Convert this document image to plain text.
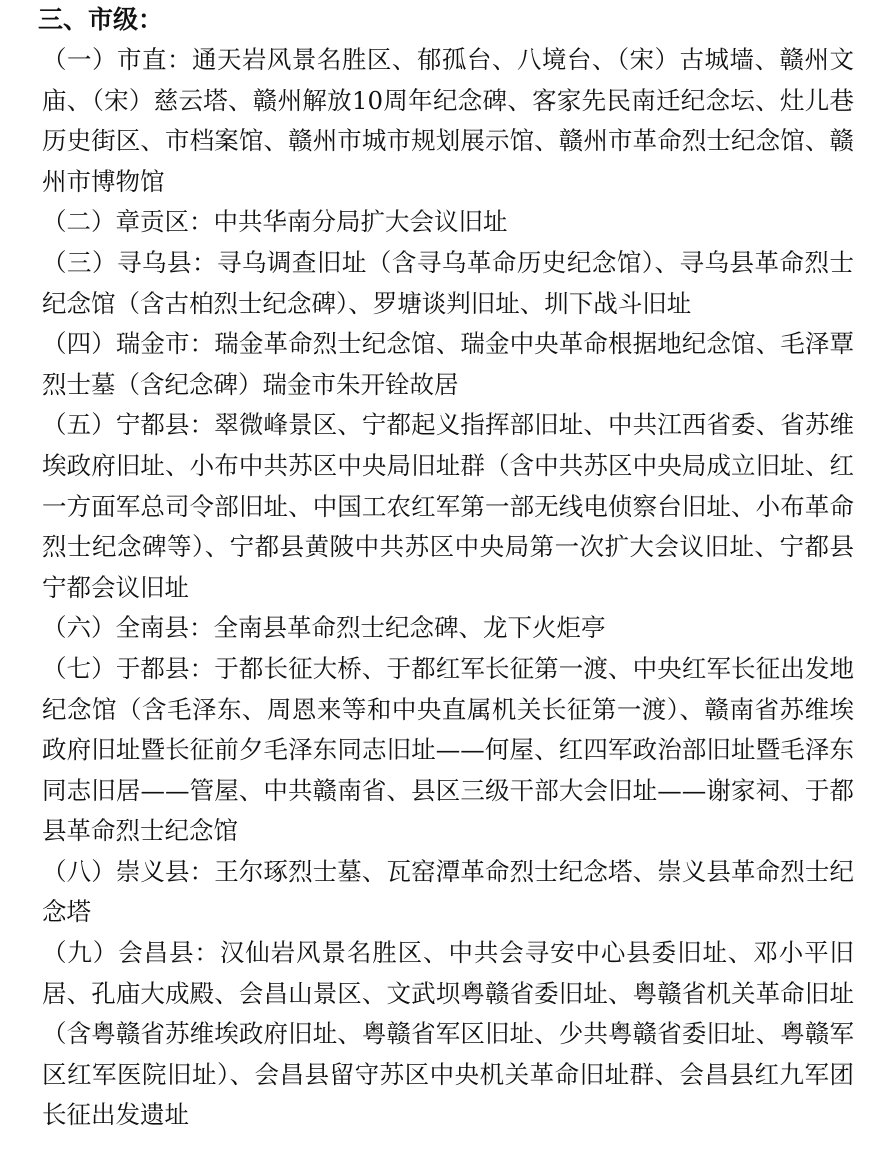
三、市级：

（一）市直：通天岩风景名胜区、郁孤台、八境台、（宋）古城墙、赣州文庙、（宋）慈云塔、赣州解放10周年纪念碑、客家先民南迁纪念坛、灶儿巷历史街区、市档案馆、赣州市城市规划展示馆、赣州市革命烈士纪念馆、赣州市博物馆

（二）章贡区：中共华南分局扩大会议旧址

（三）寻乌县：寻乌调查旧址（含寻乌革命历史纪念馆）、寻乌县革命烈士纪念馆（含古柏烈士纪念碑）、罗塘谈判旧址、圳下战斗旧址

（四）瑞金市：瑞金革命烈士纪念馆、瑞金中央革命根据地纪念馆、毛泽覃烈士墓（含纪念碑）瑞金市朱开铨故居

（五）宁都县：翠微峰景区、宁都起义指挥部旧址、中共江西省委、省苏维埃政府旧址、小布中共苏区中央局旧址群（含中共苏区中央局成立旧址、红一方面军总司令部旧址、中国工农红军第一部无线电侦察台旧址、小布革命烈士纪念碑等）、宁都县黄陂中共苏区中央局第一次扩大会议旧址、宁都县宁都会议旧址

（六）全南县：全南县革命烈士纪念碑、龙下火炬亭

（七）于都县：于都长征大桥、于都红军长征第一渡、中央红军长征出发地纪念馆（含毛泽东、周恩来等和中央直属机关长征第一渡）、赣南省苏维埃政府旧址暨长征前夕毛泽东同志旧址——何屋、红四军政治部旧址暨毛泽东同志旧居——管屋、中共赣南省、县区三级干部大会旧址——谢家祠、于都县革命烈士纪念馆

（八）崇义县：王尔琢烈士墓、瓦窑潭革命烈士纪念塔、崇义县革命烈士纪念塔

（九）会昌县：汉仙岩风景名胜区、中共会寻安中心县委旧址、邓小平旧居、孔庙大成殿、会昌山景区、文武坝粤赣省委旧址、粤赣省机关革命旧址（含粤赣省苏维埃政府旧址、粤赣省军区旧址、少共粤赣省委旧址、粤赣军区红军医院旧址）、会昌县留守苏区中央机关革命旧址群、会昌县红九军团长征出发遗址
